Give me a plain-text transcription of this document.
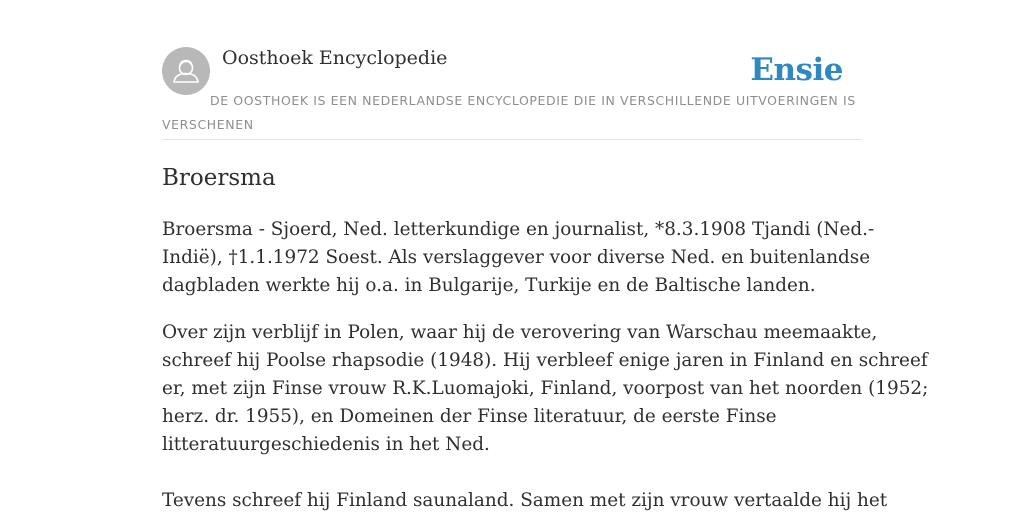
Oosthoek Encyclopedie	Ensie

DE OOSTHOEK IS EEN NEDERLANDSE ENCYCLOPEDIE DIE IN VERSCHILLENDE UITVOERINGEN IS VERSCHENEN

Broersma

Broersma - Sjoerd, Ned. letterkundige en journalist, *8.3.1908 Tjandi (Ned.-
Indië), †1.1.1972 Soest. Als verslaggever voor diverse Ned. en buitenlandse
dagbladen werkte hij o.a. in Bulgarije, Turkije en de Baltische landen.

Over zijn verblijf in Polen, waar hij de verovering van Warschau meemaakte,
schreef hij Poolse rhapsodie (1948). Hij verbleef enige jaren in Finland en schreef
er, met zijn Finse vrouw R.K.Luomajoki, Finland, voorpost van het noorden (1952;
herz. dr. 1955), en Domeinen der Finse literatuur, de eerste Finse
litteratuurgeschiedenis in het Ned.

Tevens schreef hij Finland saunaland. Samen met zijn vrouw vertaalde hij het
